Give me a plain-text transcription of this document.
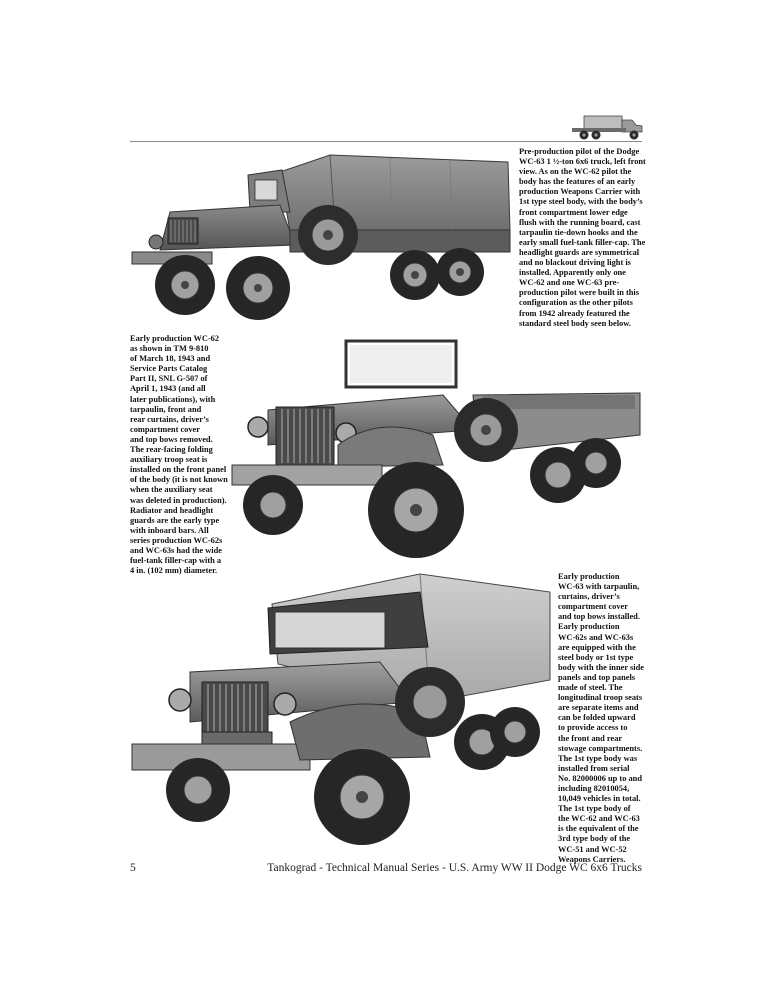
Pre-production pilot of the Dodge
WC-63 1 ½-ton 6x6 truck, left front
view. As on the WC-62 pilot the
body has the features of an early
production Weapons Carrier with
1st type steel body, with the body’s
front compartment lower edge
flush with the running board, cast
tarpaulin tie-down hooks and the
early small fuel-tank filler-cap. The
headlight guards are symmetrical
and no blackout driving light is
installed. Apparently only one
WC-62 and one WC-63 pre-
production pilot were built in this
configuration as the other pilots
from 1942 already featured the
standard steel body seen below.

Early production WC-62
as shown in TM 9-810
of March 18, 1943 and
Service Parts Catalog
Part II, SNL G-507 of
April 1, 1943 (and all
later publications), with
tarpaulin, front and
rear curtains, driver’s
compartment cover
and top bows removed.
The rear-facing folding
auxiliary troop seat is
installed on the front panel
of the body (it is not known
when the auxiliary seat
was deleted in production).
Radiator and headlight
guards are the early type
with inboard bars. All
series production WC-62s
and WC-63s had the wide
fuel-tank filler-cap with a
4 in. (102 mm) diameter.

Early production
WC-63 with tarpaulin,
curtains, driver’s
compartment cover
and top bows installed.
Early production
WC-62s and WC-63s
are equipped with the
steel body or 1st type
body with the inner side
panels and top panels
made of steel. The
longitudinal troop seats
are separate items and
can be folded upward
to provide access to
the front and rear
stowage compartments.
The 1st type body was
installed from serial
No. 82000006 up to and
including 82010054,
10,049 vehicles in total.
The 1st type body of
the WC-62 and WC-63
is the equivalent of the
3rd type body of the
WC-51 and WC-52
Weapons Carriers.

5	Tankograd - Technical Manual Series - U.S. Army WW II Dodge WC 6x6 Trucks
